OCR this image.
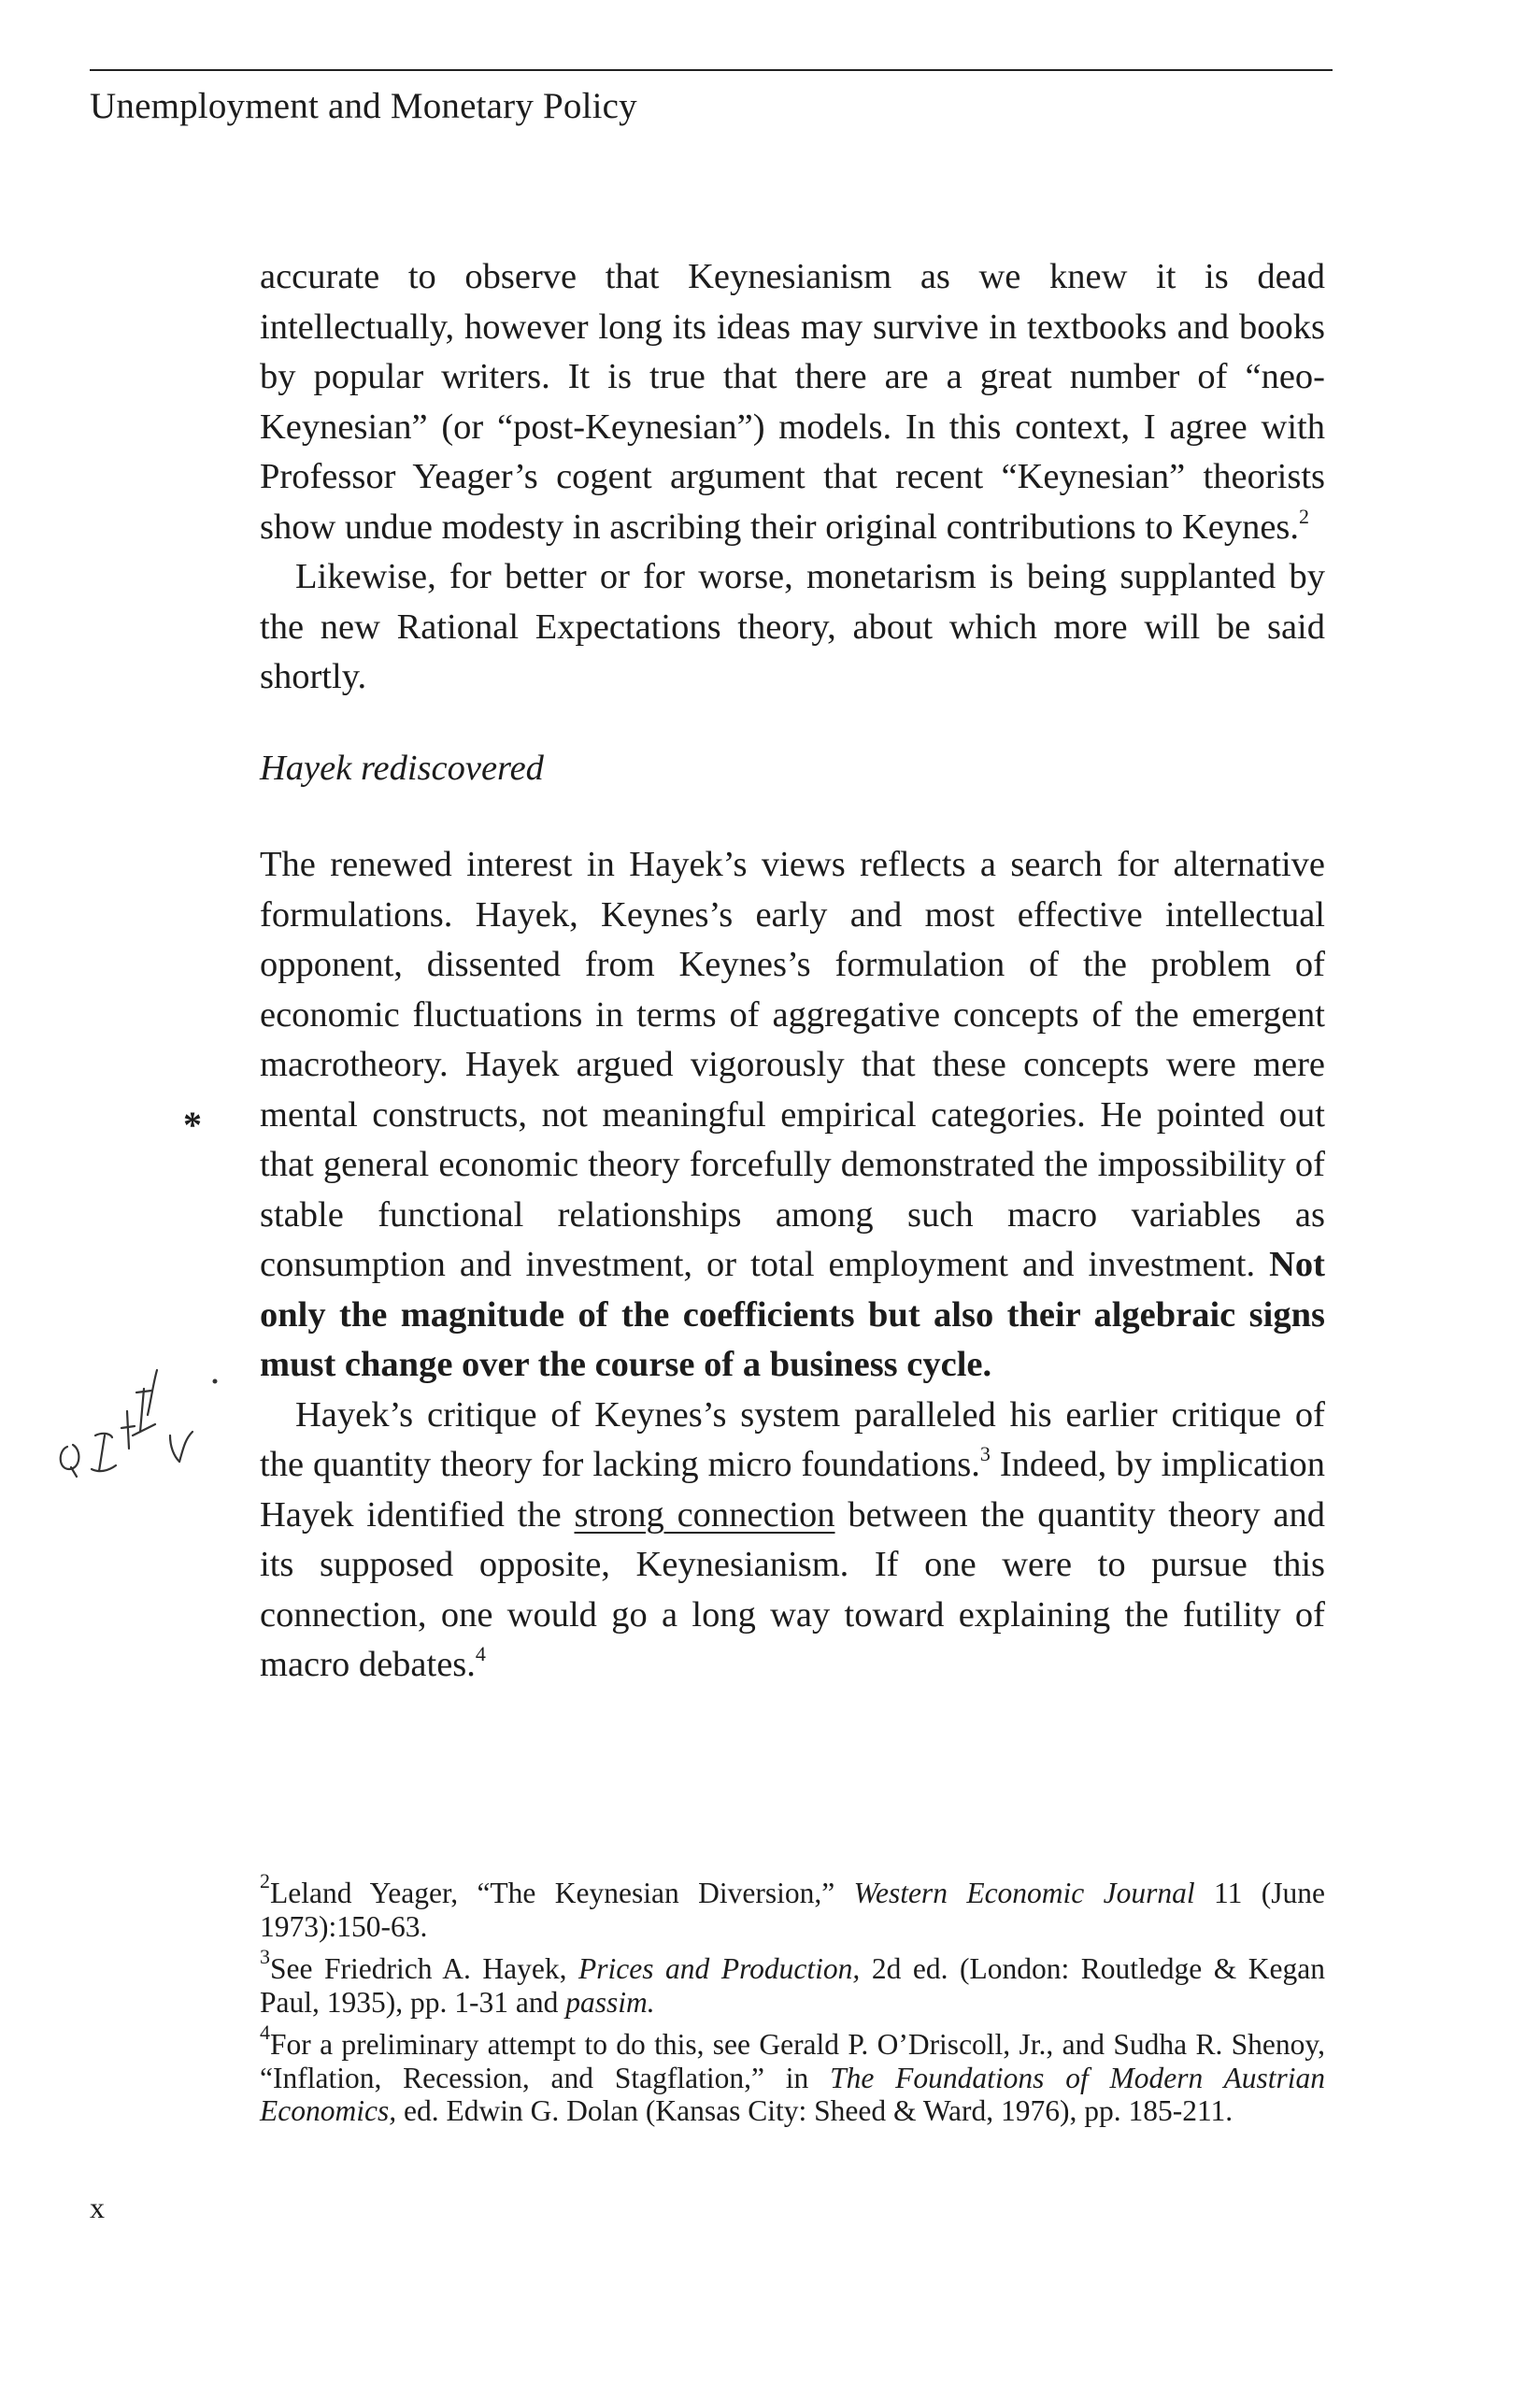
Unemployment and Monetary Policy

accurate to observe that Keynesianism as we knew it is dead intellectually, however long its ideas may survive in textbooks and books by popular writers. It is true that there are a great number of “neo-Keynesian” (or “post-Keynesian”) models. In this context, I agree with Professor Yeager’s cogent argument that recent “Keynesian” theorists show undue modesty in ascribing their original contributions to Keynes.$^2$

Likewise, for better or for worse, monetarism is being supplanted by the new Rational Expectations theory, about which more will be said shortly.

Hayek rediscovered

The renewed interest in Hayek’s views reflects a search for alternative formulations. Hayek, Keynes’s early and most effective intellectual opponent, dissented from Keynes’s formulation of the problem of economic fluctuations in terms of aggregative concepts of the emergent macrotheory. Hayek argued vigorously that these concepts were mere mental constructs, not meaningful empirical categories. He pointed out that general economic theory forcefully demonstrated the impossibility of stable functional relationships among such macro variables as consumption and investment, or total employment and investment. Not only the magnitude of the coefficients but also their algebraic signs must change over the course of a business cycle.

Hayek’s critique of Keynes’s system paralleled his earlier critique of the quantity theory for lacking micro foundations.$^3$ Indeed, by implication Hayek identified the strong connection between the quantity theory and its supposed opposite, Keynesianism. If one were to pursue this connection, one would go a long way toward explaining the futility of macro debates.$^4$

$^2$Leland Yeager, “The Keynesian Diversion,” Western Economic Journal 11 (June 1973):150-63.

$^3$See Friedrich A. Hayek, Prices and Production, 2d ed. (London: Routledge & Kegan Paul, 1935), pp. 1-31 and passim.

$^4$For a preliminary attempt to do this, see Gerald P. O’Driscoll, Jr., and Sudha R. Shenoy, “Inflation, Recession, and Stagflation,” in The Foundations of Modern Austrian Economics, ed. Edwin G. Dolan (Kansas City: Sheed & Ward, 1976), pp. 185-211.

x
*
